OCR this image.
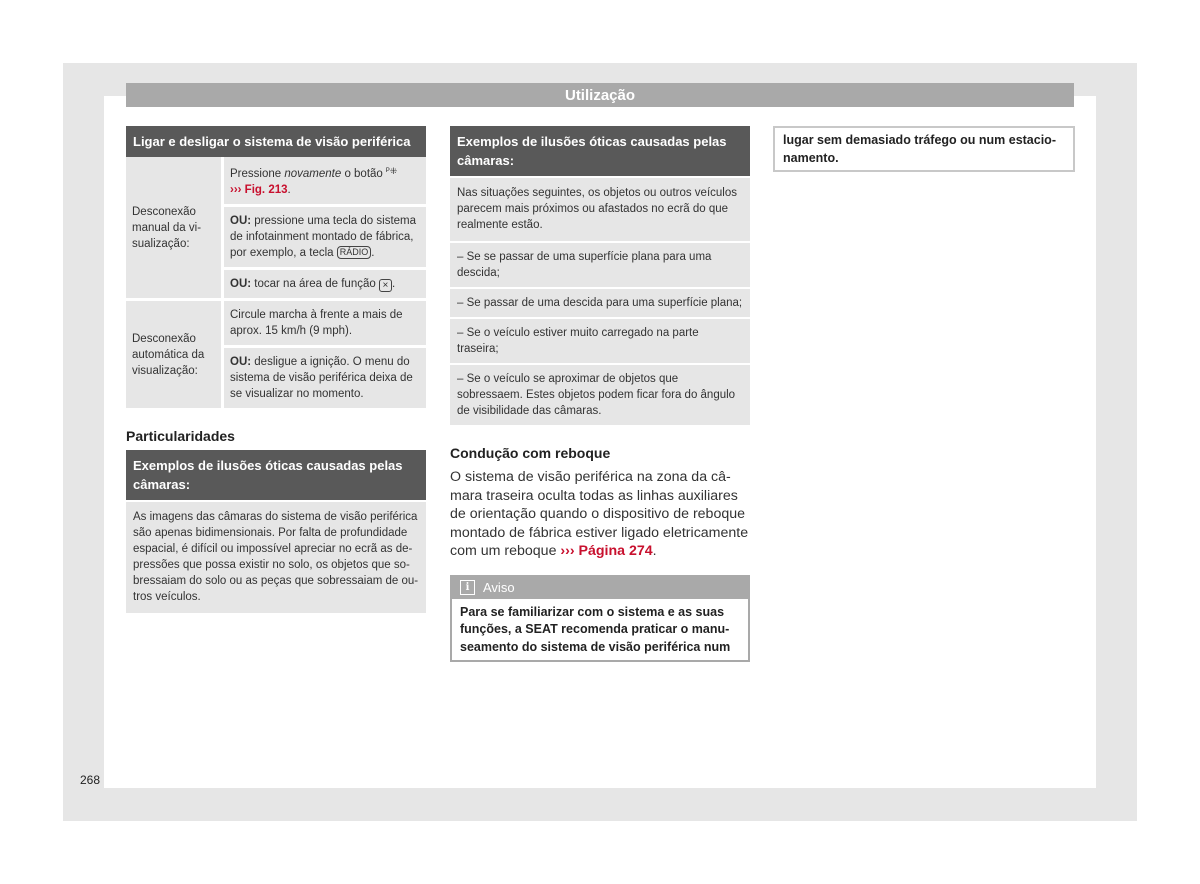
Utilização
Ligar e desligar o sistema de visão periférica
Desconexão manual da visualização:	Pressione novamente o botão $^{ᴾ⁜}$
››› Fig. 213.
	OU: pressione uma tecla do sistema de infotainment montado de fábrica, por exemplo, a tecla RÁDIO .
	OU: tocar na área de função × .
Desconexão automática da visualização:	Circule marcha à frente a mais de aprox. 15 km/h (9 mph).
	OU: desligue a ignição. O menu do sistema de visão periférica deixa de se visualizar no momento.

Particularidades

Exemplos de ilusões óticas causadas pelas câmaras:
As imagens das câmaras do sistema de visão periférica são apenas bidimensionais. Por falta de profundidade espacial, é difícil ou impossível apreciar no ecrã as depressões que possa existir no solo, os objetos que sobressaiam do solo ou as peças que sobressaiam de outros veículos.
Exemplos de ilusões óticas causadas pelas câmaras:
Nas situações seguintes, os objetos ou outros veículos parecem mais próximos ou afastados no ecrã do que realmente estão.
– Se se passar de uma superfície plana para uma descida;
– Se passar de uma descida para uma superfície plana;
– Se o veículo estiver muito carregado na parte traseira;
– Se o veículo se aproximar de objetos que sobressaem. Estes objetos podem ficar fora do ângulo de visibilidade das câmaras.

Condução com reboque

O sistema de visão periférica na zona da câmara traseira oculta todas as linhas auxiliares de orientação quando o dispositivo de reboque montado de fábrica estiver ligado eletricamente com um reboque ››› Página 274.
i	Aviso
Para se familiarizar com o sistema e as suas funções, a SEAT recomenda praticar o manuseamento do sistema de visão periférica num
lugar sem demasiado tráfego ou num estacionamento.
268
